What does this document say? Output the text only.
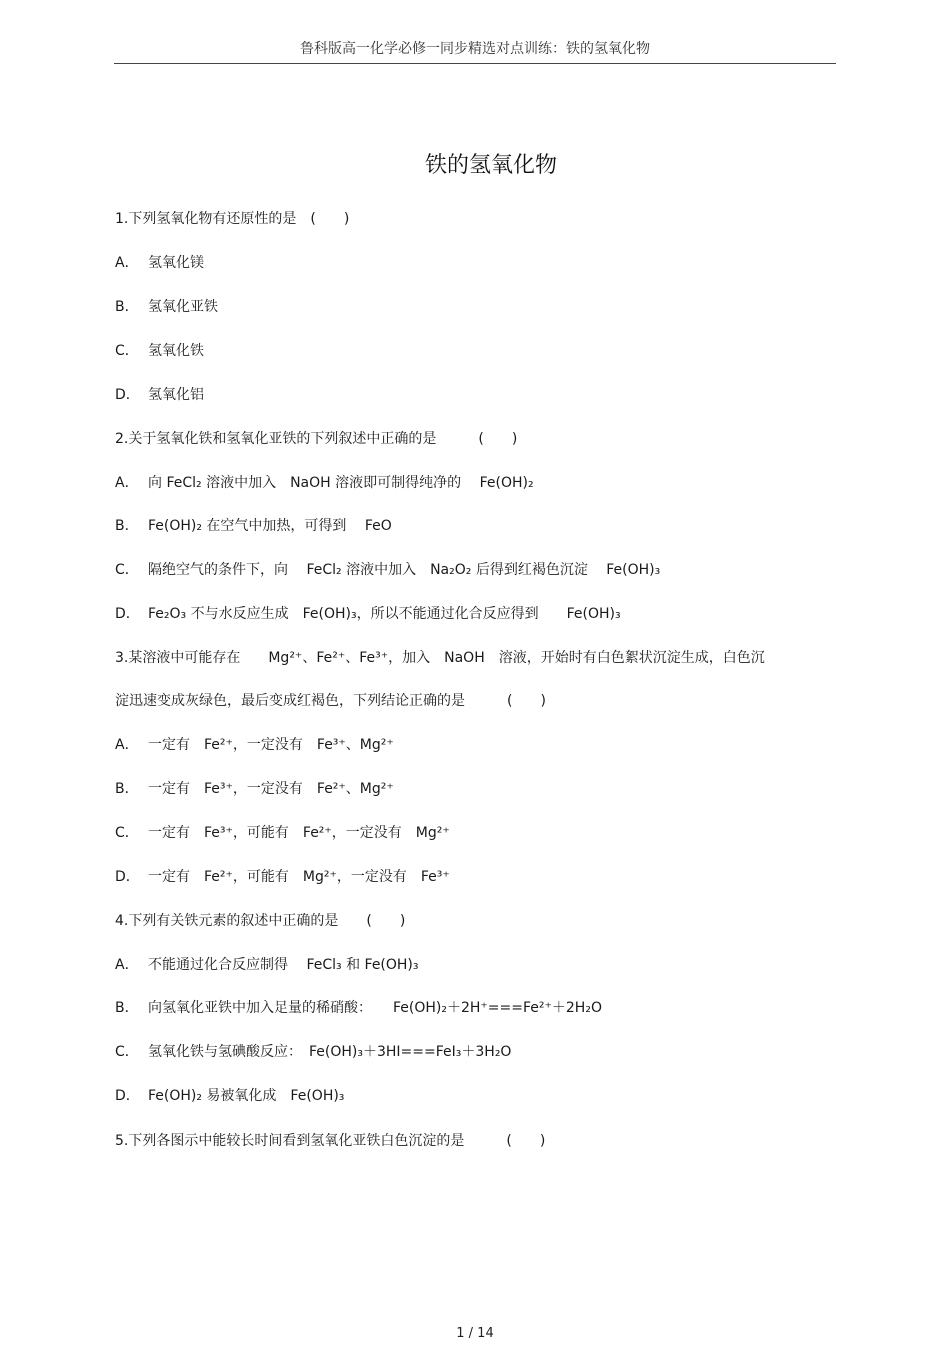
鲁科版高一化学必修一同步精选对点训练：铁的氢氧化物
铁的氢氧化物
1.下列氢氧化物有还原性的是　(　　)
A． 氢氧化镁
B． 氢氧化亚铁
C． 氢氧化铁
D． 氢氧化铝
2.关于氢氧化铁和氢氧化亚铁的下列叙述中正确的是　　　(　　)
A． 向 FeCl₂ 溶液中加入　NaOH 溶液即可制得纯净的　 Fe(OH)₂
B． Fe(OH)₂ 在空气中加热，可得到　 FeO
C． 隔绝空气的条件下，向　 FeCl₂ 溶液中加入　Na₂O₂ 后得到红褐色沉淀　 Fe(OH)₃
D． Fe₂O₃ 不与水反应生成　Fe(OH)₃，所以不能通过化合反应得到　　Fe(OH)₃
3.某溶液中可能存在　　Mg²⁺、Fe²⁺、Fe³⁺，加入　NaOH　溶液，开始时有白色絮状沉淀生成，白色沉
淀迅速变成灰绿色，最后变成红褐色，下列结论正确的是　　　(　　)
A． 一定有　Fe²⁺，一定没有　Fe³⁺、Mg²⁺
B． 一定有　Fe³⁺，一定没有　Fe²⁺、Mg²⁺
C． 一定有　Fe³⁺，可能有　Fe²⁺，一定没有　Mg²⁺
D． 一定有　Fe²⁺，可能有　Mg²⁺，一定没有　Fe³⁺
4.下列有关铁元素的叙述中正确的是　　(　　)
A． 不能通过化合反应制得　 FeCl₃ 和 Fe(OH)₃
B． 向氢氧化亚铁中加入足量的稀硝酸：　　Fe(OH)₂＋2H⁺===Fe²⁺＋2H₂O
C． 氢氧化铁与氢碘酸反应：　Fe(OH)₃＋3HI===FeI₃＋3H₂O
D． Fe(OH)₂ 易被氧化成　Fe(OH)₃
5.下列各图示中能较长时间看到氢氧化亚铁白色沉淀的是　　　(　　)
1 / 14
